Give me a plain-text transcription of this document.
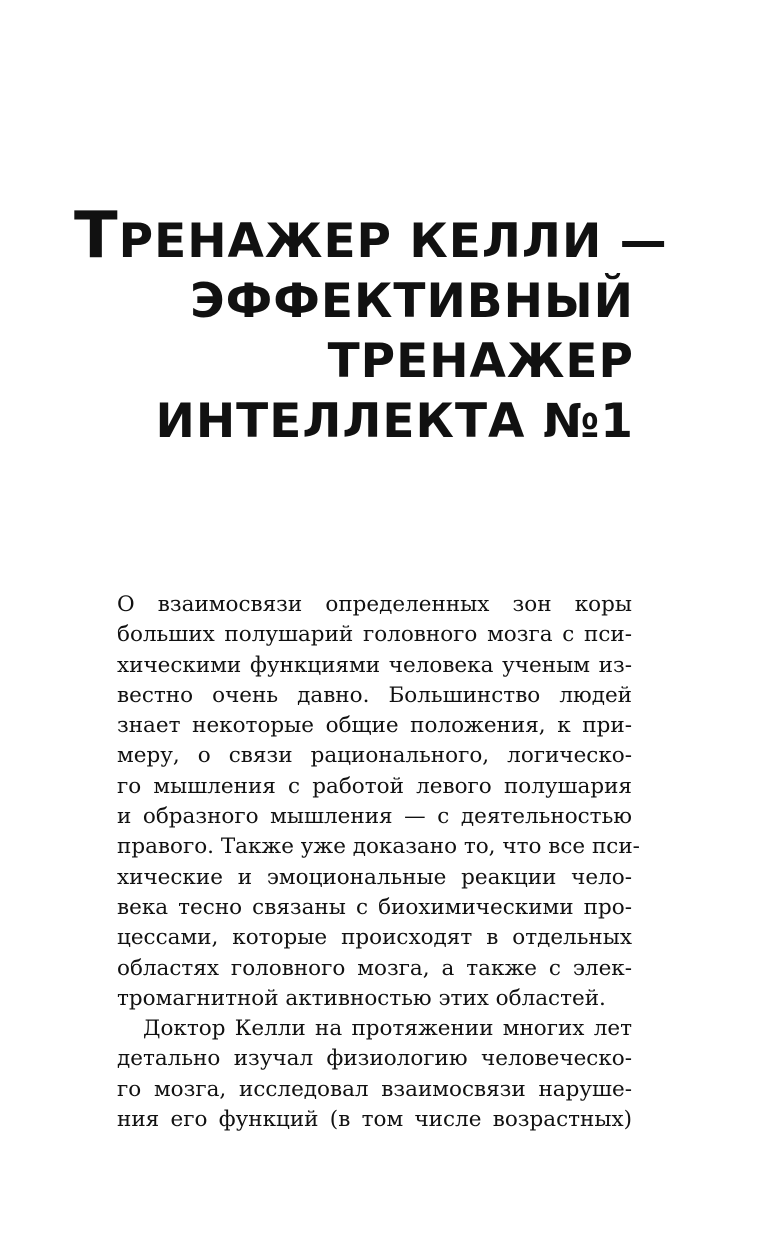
ТРЕНАЖЕР КЕЛЛИ —
ЭФФЕКТИВНЫЙ
ТРЕНАЖЕР
ИНТЕЛЛЕКТА №1
О взаимосвязи определенных зон коры
больших полушарий головного мозга с пси-
хическими функциями человека ученым из-
вестно очень давно. Большинство людей
знает некоторые общие положения, к при-
меру, о связи рационального, логическо-
го мышления с работой левого полушария
и образного мышления — с деятельностью
правого. Также уже доказано то, что все пси-
хические и эмоциональные реакции чело-
века тесно связаны с биохимическими про-
цессами, которые происходят в отдельных
областях головного мозга, а также с элек-
тромагнитной активностью этих областей.
Доктор Келли на протяжении многих лет
детально изучал физиологию человеческо-
го мозга, исследовал взаимосвязи наруше-
ния его функций (в том числе возрастных)
